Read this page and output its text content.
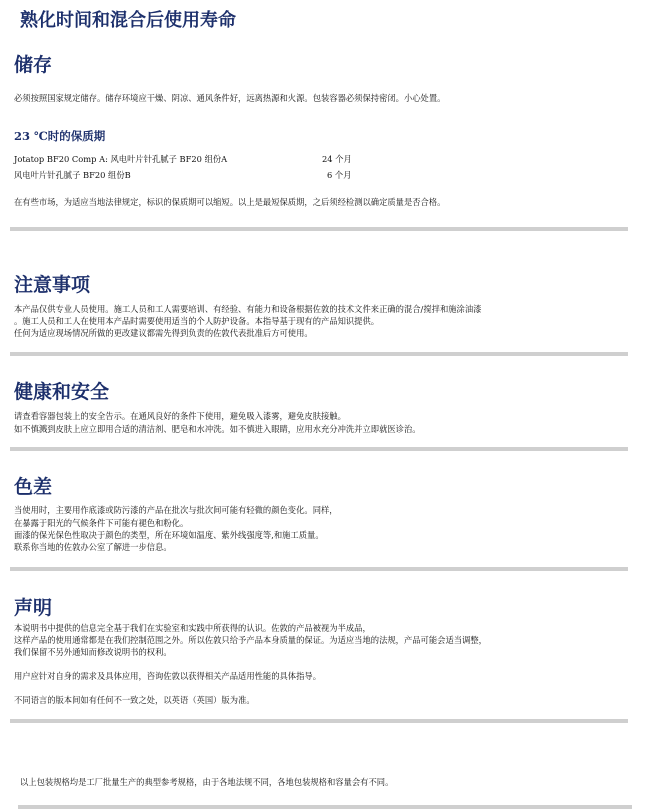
熟化时间和混合后使用寿命
储存
必须按照国家规定储存。储存环境应干燥、阴凉、通风条件好，远离热源和火源。包装容器必须保持密闭。小心处置。
23 ℃时的保质期
Jotatop BF20 Comp A: 风电叶片针孔腻子 BF20 组份A	24 个月
风电叶片针孔腻子 BF20 组份B	6 个月
在有些市场，为适应当地法律规定，标识的保质期可以缩短。以上是最短保质期，之后须经检测以确定质量是否合格。
注意事项
本产品仅供专业人员使用。施工人员和工人需要培训、有经验、有能力和设备根据佐敦的技术文件来正确的混合/搅拌和施涂油漆
。施工人员和工人在使用本产品时需要使用适当的个人防护设备。本指导基于现有的产品知识提供。
任何为适应现场情况所做的更改建议都需先得到负责的佐敦代表批准后方可使用。
健康和安全
请查看容器包装上的安全告示。在通风良好的条件下使用，避免吸入漆雾，避免皮肤接触。
如不慎溅到皮肤上应立即用合适的清洁剂、肥皂和水冲洗。如不慎进入眼睛，应用水充分冲洗并立即就医诊治。
色差
当使用时，主要用作底漆或防污漆的产品在批次与批次间可能有轻微的颜色变化。同样，
在暴露于阳光的气候条件下可能有褪色和粉化。
面漆的保光保色性取决于颜色的类型，所在环境如温度、紫外线强度等,和施工质量。
联系你当地的佐敦办公室了解进一步信息。
声明
本说明书中提供的信息完全基于我们在实验室和实践中所获得的认识。佐敦的产品被视为半成品，
这样产品的使用通常都是在我们控制范围之外。所以佐敦只给予产品本身质量的保证。为适应当地的法规，产品可能会适当调整，
我们保留不另外通知而修改说明书的权利。
用户应针对自身的需求及具体应用，咨询佐敦以获得相关产品适用性能的具体指导。
不同语言的版本间如有任何不一致之处，以英语（英国）版为准。
以上包装规格均是工厂批量生产的典型参考规格，由于各地法规不同，各地包装规格和容量会有不同。
